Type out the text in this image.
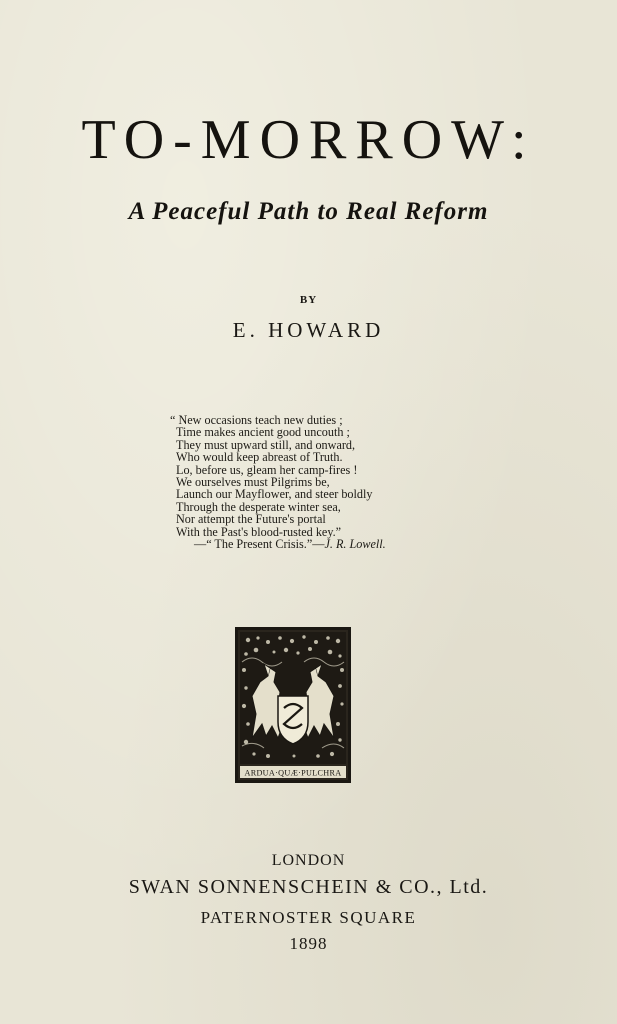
TO-MORROW:
A Peaceful Path to Real Reform
BY
E. HOWARD
“ New occasions teach new duties ;
Time makes ancient good uncouth ;
They must upward still, and onward,
Who would keep abreast of Truth.
Lo, before us, gleam her camp-fires !
We ourselves must Pilgrims be,
Launch our Mayflower, and steer boldly
Through the desperate winter sea,
Nor attempt the Future's portal
With the Past's blood-rusted key.”
—“ The Present Crisis.”—J. R. Lowell.
ARDUA·QUÆ·PULCHRA
LONDON
SWAN SONNENSCHEIN & CO., Ltd.
PATERNOSTER SQUARE
1898
